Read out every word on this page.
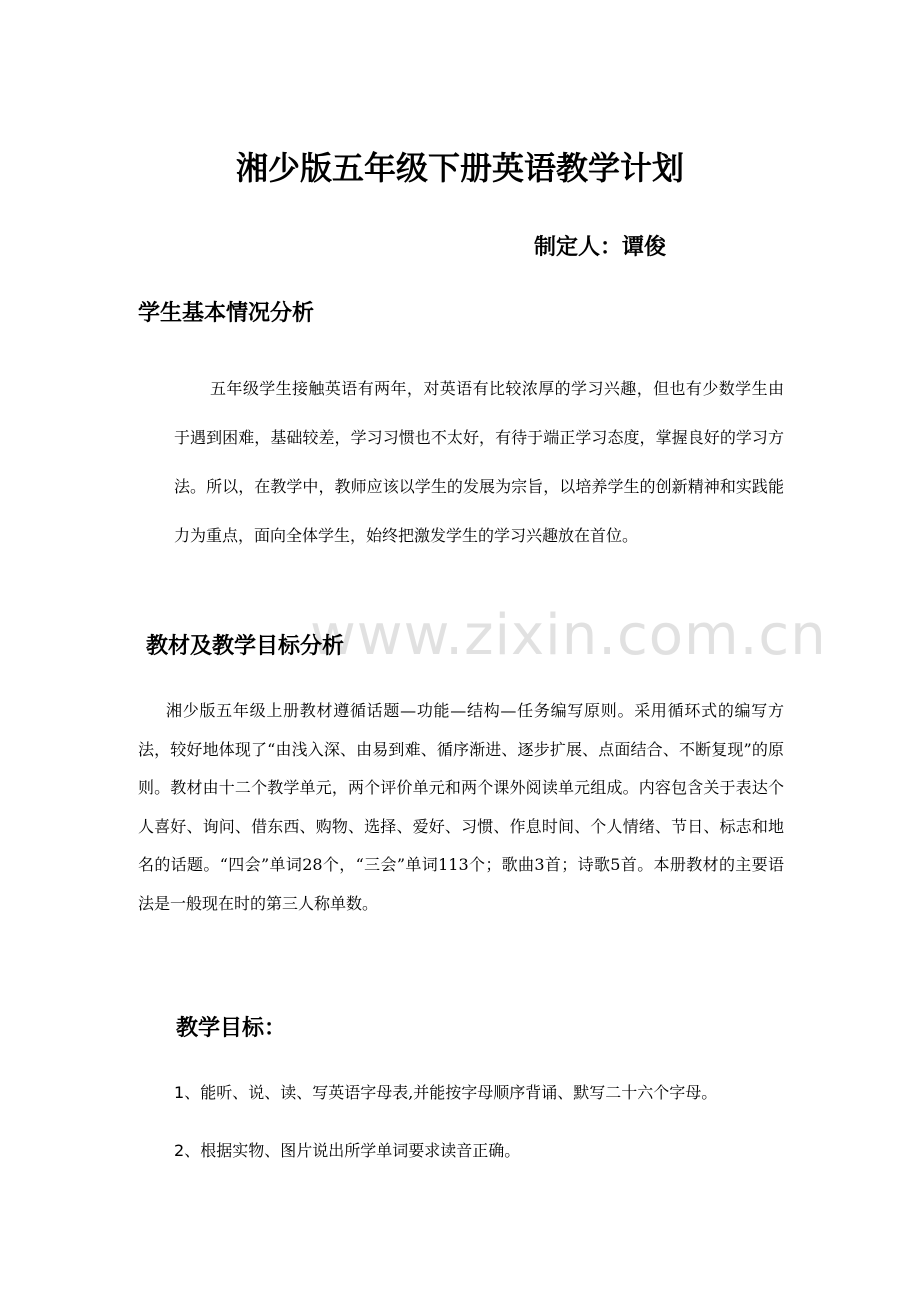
www.zixin.com.cn
湘少版五年级下册英语教学计划
制定人：谭俊
学生基本情况分析
五年级学生接触英语有两年，对英语有比较浓厚的学习兴趣，但也有少数学生由于遇到困难，基础较差，学习习惯也不太好，有待于端正学习态度，掌握良好的学习方法。所以，在教学中，教师应该以学生的发展为宗旨，以培养学生的创新精神和实践能力为重点，面向全体学生，始终把激发学生的学习兴趣放在首位。
教材及教学目标分析
湘少版五年级上册教材遵循话题—功能—结构—任务编写原则。采用循环式的编写方法，较好地体现了“由浅入深、由易到难、循序渐进、逐步扩展、点面结合、不断复现”的原则。教材由十二个教学单元，两个评价单元和两个课外阅读单元组成。内容包含关于表达个人喜好、询问、借东西、购物、选择、爱好、习惯、作息时间、个人情绪、节日、标志和地名的话题。“四会”单词28个，“三会”单词113个；歌曲3首；诗歌5首。本册教材的主要语法是一般现在时的第三人称单数。
教学目标：
1、能听、说、读、写英语字母表,并能按字母顺序背诵、默写二十六个字母。
2、根据实物、图片说出所学单词要求读音正确。
